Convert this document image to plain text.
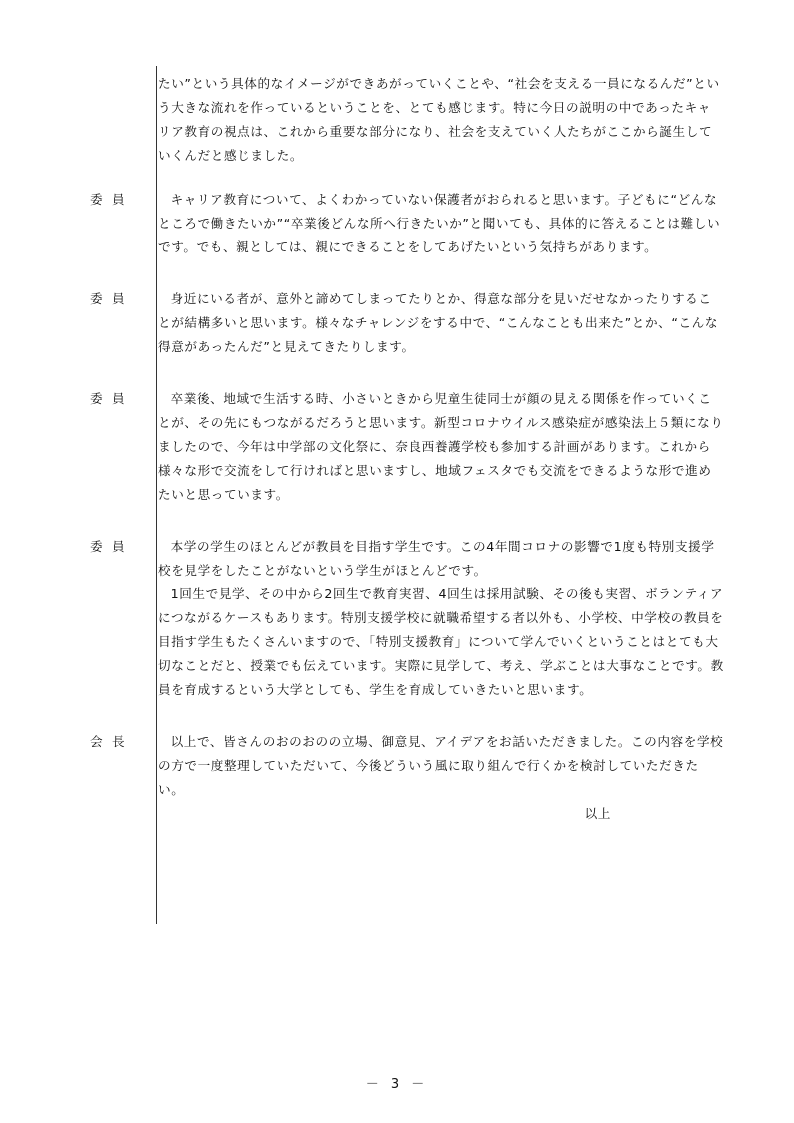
たい”という具体的なイメージができあがっていくことや、“社会を支える一員になるんだ”という大きな流れを作っているということを、とても感じます。特に今日の説明の中であったキャリア教育の視点は、これから重要な部分になり、社会を支えていく人たちがここから誕生していくんだと感じました。

委 員	キャリア教育について、よくわかっていない保護者がおられると思います。子どもに“どんなところで働きたいか”“卒業後どんな所へ行きたいか”と聞いても、具体的に答えることは難しいです。でも、親としては、親にできることをしてあげたいという気持ちがあります。

委 員	身近にいる者が、意外と諦めてしまってたりとか、得意な部分を見いだせなかったりすることが結構多いと思います。様々なチャレンジをする中で、“こんなことも出来た”とか、“こんな得意があったんだ”と見えてきたりします。

委 員	卒業後、地域で生活する時、小さいときから児童生徒同士が顔の見える関係を作っていくことが、その先にもつながるだろうと思います。新型コロナウイルス感染症が感染法上５類になりましたので、今年は中学部の文化祭に、奈良西養護学校も参加する計画があります。これから様々な形で交流をして行ければと思いますし、地域フェスタでも交流をできるような形で進めたいと思っています。

委 員	本学の学生のほとんどが教員を目指す学生です。この4年間コロナの影響で1度も特別支援学校を見学をしたことがないという学生がほとんどです。

1回生で見学、その中から2回生で教育実習、4回生は採用試験、その後も実習、ボランティアにつながるケースもあります。特別支援学校に就職希望する者以外も、小学校、中学校の教員を目指す学生もたくさんいますので、「特別支援教育」について学んでいくということはとても大切なことだと、授業でも伝えています。実際に見学して、考え、学ぶことは大事なことです。教員を育成するという大学としても、学生を育成していきたいと思います。

会 長	以上で、皆さんのおのおのの立場、御意見、アイデアをお話いただきました。この内容を学校の方で一度整理していただいて、今後どういう風に取り組んで行くかを検討していただきたい。

以上

－ 3 －
